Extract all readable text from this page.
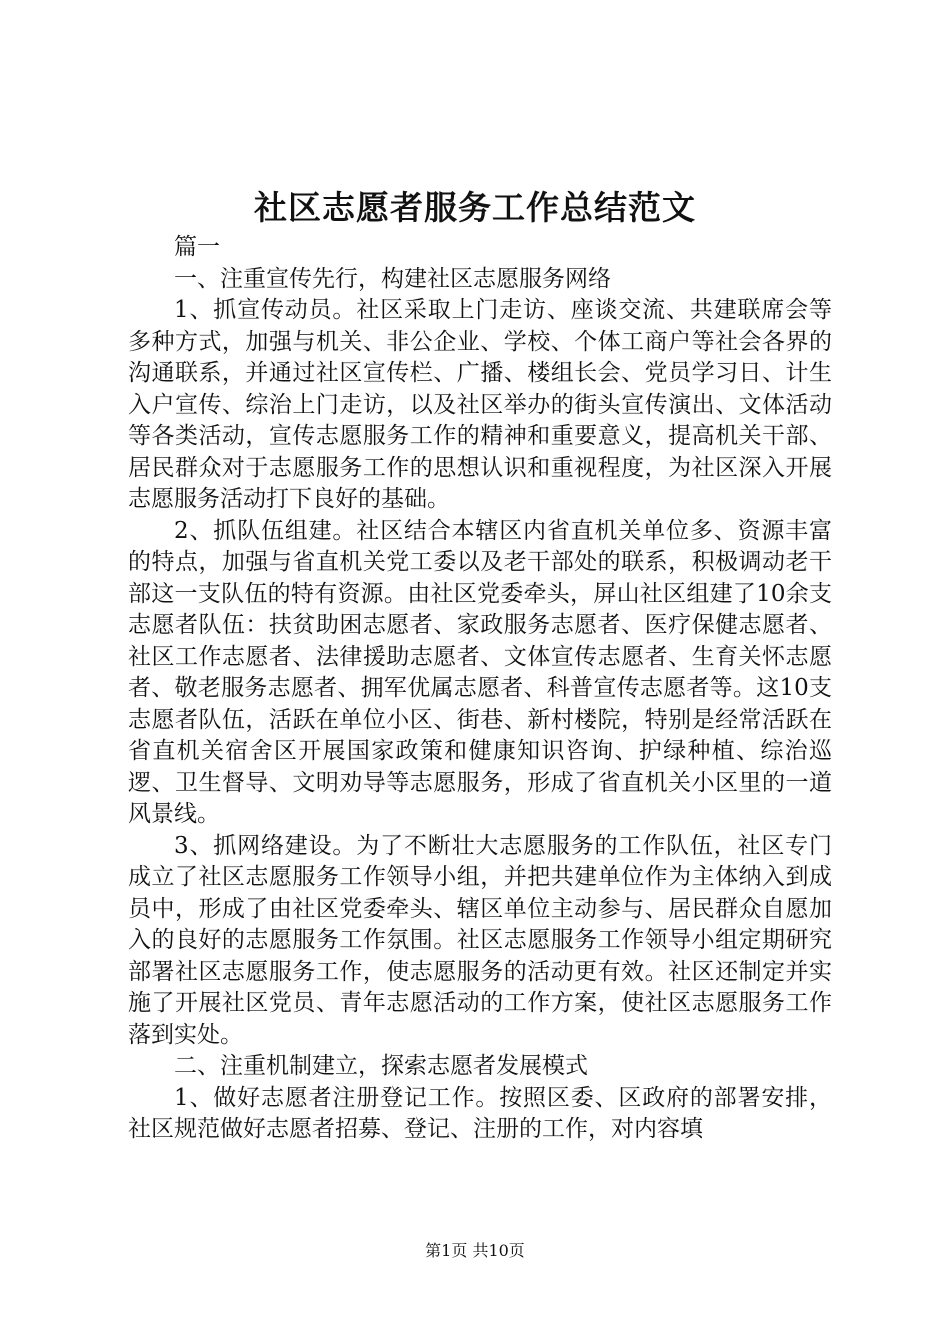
社区志愿者服务工作总结范文

篇一

一、注重宣传先行，构建社区志愿服务网络

1、抓宣传动员。社区采取上门走访、座谈交流、共建联席会等多种方式，加强与机关、非公企业、学校、个体工商户等社会各界的沟通联系，并通过社区宣传栏、广播、楼组长会、党员学习日、计生入户宣传、综治上门走访，以及社区举办的街头宣传演出、文体活动等各类活动，宣传志愿服务工作的精神和重要意义，提高机关干部、居民群众对于志愿服务工作的思想认识和重视程度，为社区深入开展志愿服务活动打下良好的基础。

2、抓队伍组建。社区结合本辖区内省直机关单位多、资源丰富的特点，加强与省直机关党工委以及老干部处的联系，积极调动老干部这一支队伍的特有资源。由社区党委牵头，屏山社区组建了10余支志愿者队伍：扶贫助困志愿者、家政服务志愿者、医疗保健志愿者、社区工作志愿者、法律援助志愿者、文体宣传志愿者、生育关怀志愿者、敬老服务志愿者、拥军优属志愿者、科普宣传志愿者等。这10支志愿者队伍，活跃在单位小区、街巷、新村楼院，特别是经常活跃在省直机关宿舍区开展国家政策和健康知识咨询、护绿种植、综治巡逻、卫生督导、文明劝导等志愿服务，形成了省直机关小区里的一道风景线。

3、抓网络建设。为了不断壮大志愿服务的工作队伍，社区专门成立了社区志愿服务工作领导小组，并把共建单位作为主体纳入到成员中，形成了由社区党委牵头、辖区单位主动参与、居民群众自愿加入的良好的志愿服务工作氛围。社区志愿服务工作领导小组定期研究部署社区志愿服务工作，使志愿服务的活动更有效。社区还制定并实施了开展社区党员、青年志愿活动的工作方案，使社区志愿服务工作落到实处。

二、注重机制建立，探索志愿者发展模式

1、做好志愿者注册登记工作。按照区委、区政府的部署安排，社区规范做好志愿者招募、登记、注册的工作，对内容填

第1页 共10页
